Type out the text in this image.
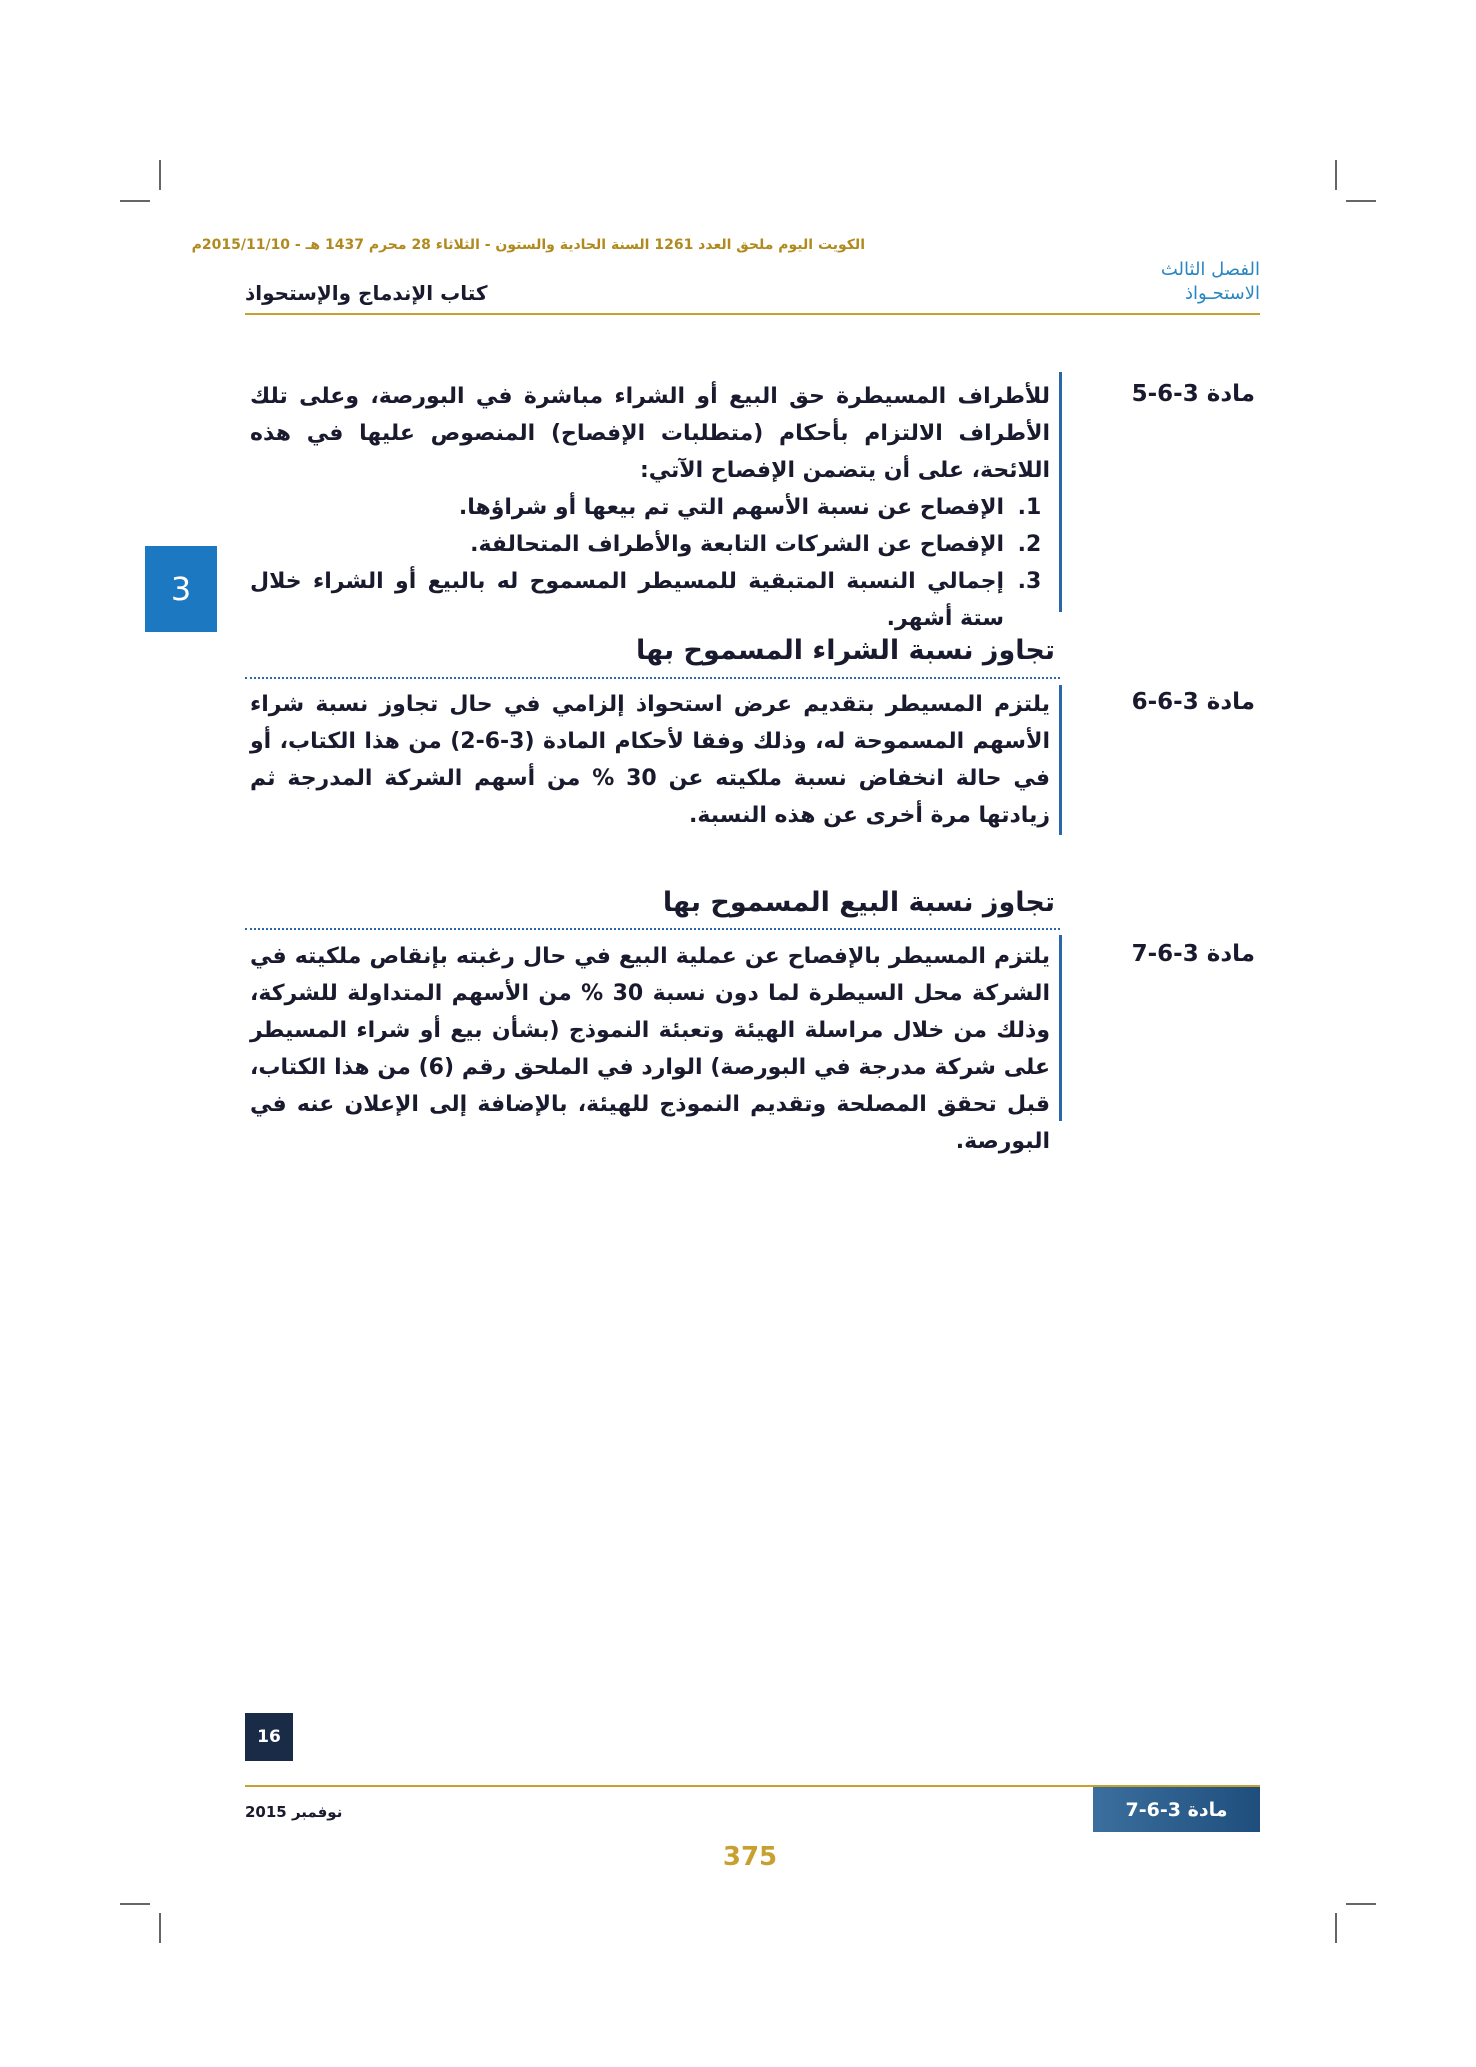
الكويت اليوم ملحق العدد 1261 السنة الحادية والستون - الثلاثاء 28 محرم 1437 هـ - 2015/11/10م
الفصل الثالث
الاستحـواذ
كتاب الإندماج والإستحواذ
3
مادة 3-6-5

للأطراف المسيطرة حق البيع أو الشراء مباشرة في البورصة، وعلى تلك الأطراف الالتزام بأحكام (متطلبات الإفصاح) المنصوص عليها في هذه اللائحة، على أن يتضمن الإفصاح الآتي:

1. الإفصاح عن نسبة الأسهم التي تم بيعها أو شراؤها.
2. الإفصاح عن الشركات التابعة والأطراف المتحالفة.
3. إجمالي النسبة المتبقية للمسيطر المسموح له بالبيع أو الشراء خلال ستة أشهر.
تجاوز نسبة الشراء المسموح بها
مادة 3-6-6
يلتزم المسيطر بتقديم عرض استحواذ إلزامي في حال تجاوز نسبة شراء الأسهم المسموحة له، وذلك وفقا لأحكام المادة (3-6-2) من هذا الكتاب، أو في حالة انخفاض نسبة ملكيته عن 30 % من أسهم الشركة المدرجة ثم زيادتها مرة أخرى عن هذه النسبة.
تجاوز نسبة البيع المسموح بها
مادة 3-6-7
يلتزم المسيطر بالإفصاح عن عملية البيع في حال رغبته بإنقاص ملكيته في الشركة محل السيطرة لما دون نسبة 30 % من الأسهم المتداولة للشركة، وذلك من خلال مراسلة الهيئة وتعبئة النموذج (بشأن بيع أو شراء المسيطر على شركة مدرجة في البورصة) الوارد في الملحق رقم (6) من هذا الكتاب، قبل تحقق المصلحة وتقديم النموذج للهيئة، بالإضافة إلى الإعلان عنه في البورصة.
16
نوفمبر 2015	مادة 3-6-7
375
